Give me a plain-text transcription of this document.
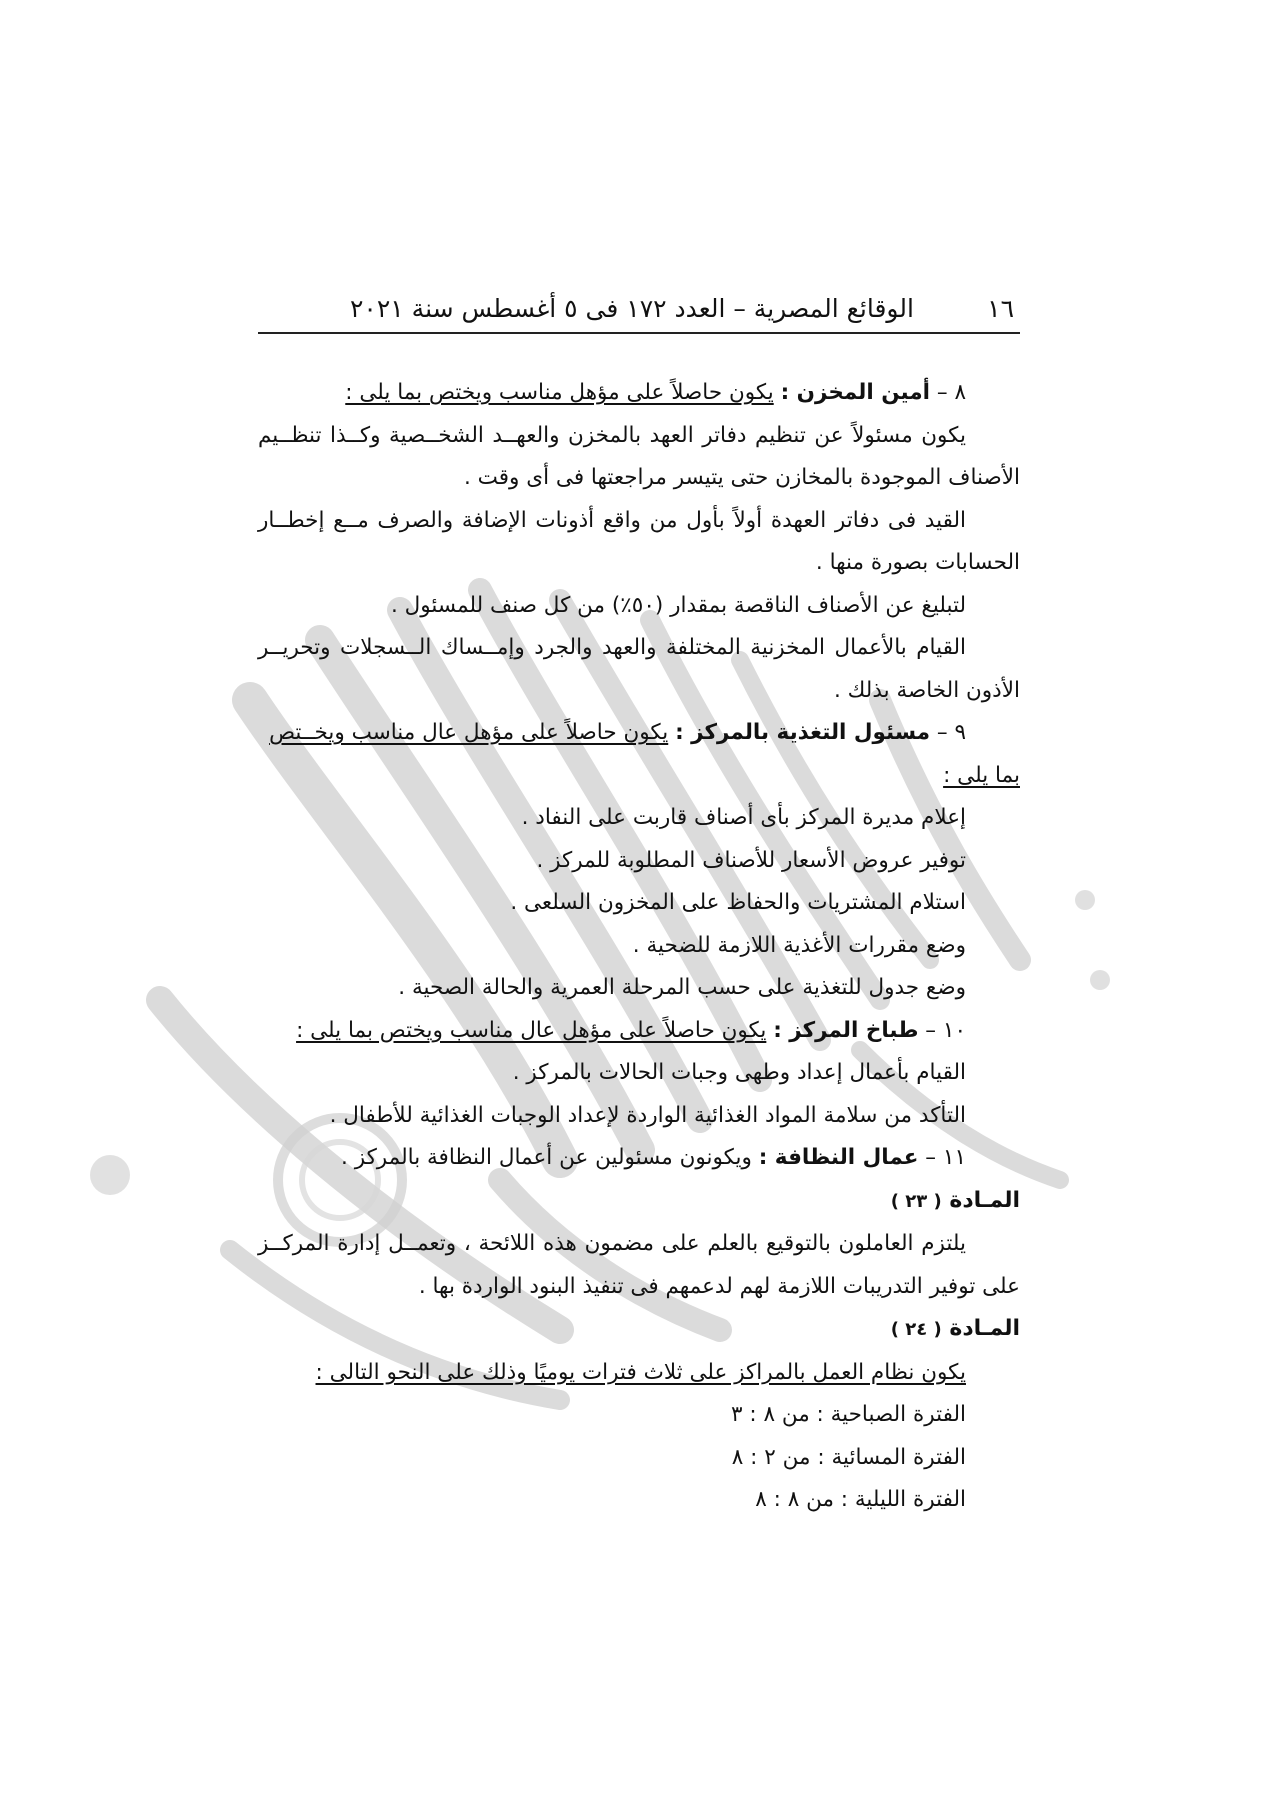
١٦
الوقائع المصرية – العدد ١٧٢ فى ٥ أغسطس سنة ٢٠٢١
٨ – أمين المخزن : يكون حاصلاً على مؤهل مناسب ويختص بما يلى :
يكون مسئولاً عن تنظيم دفاتر العهد بالمخزن والعهــد الشخــصية وكــذا تنظــيم
الأصناف الموجودة بالمخازن حتى يتيسر مراجعتها فى أى وقت .
القيد فى دفاتر العهدة أولاً بأول من واقع أذونات الإضافة والصرف مــع إخطــار
الحسابات بصورة منها .
لتبليغ عن الأصناف الناقصة بمقدار (٥٠٪) من كل صنف للمسئول .
القيام بالأعمال المخزنية المختلفة والعهد والجرد وإمــساك الــسجلات وتحريــر
الأذون الخاصة بذلك .
٩ – مسئول التغذية بالمركز : يكون حاصلاً على مؤهل عال مناسب ويخــتص
بما يلى :
إعلام مديرة المركز بأى أصناف قاربت على النفاد .
توفير عروض الأسعار للأصناف المطلوبة للمركز .
استلام المشتريات والحفاظ على المخزون السلعى .
وضع مقررات الأغذية اللازمة للضحية .
وضع جدول للتغذية على حسب المرحلة العمرية والحالة الصحية .
١٠ – طباخ المركز : يكون حاصلاً على مؤهل عال مناسب ويختص بما يلى :
القيام بأعمال إعداد وطهى وجبات الحالات بالمركز .
التأكد من سلامة المواد الغذائية الواردة لإعداد الوجبات الغذائية للأطفال .
١١ – عمال النظافة : ويكونون مسئولين عن أعمال النظافة بالمركز .
المـادة ( ٢٣ )
يلتزم العاملون بالتوقيع بالعلم على مضمون هذه اللائحة ، وتعمــل إدارة المركــز
على توفير التدريبات اللازمة لهم لدعمهم فى تنفيذ البنود الواردة بها .
المـادة ( ٢٤ )
يكون نظام العمل بالمراكز على ثلاث فترات يوميًا وذلك على النحو التالى :
الفترة الصباحية : من ٨ : ٣
الفترة المسائية : من ٢ : ٨
الفترة الليلية : من ٨ : ٨
